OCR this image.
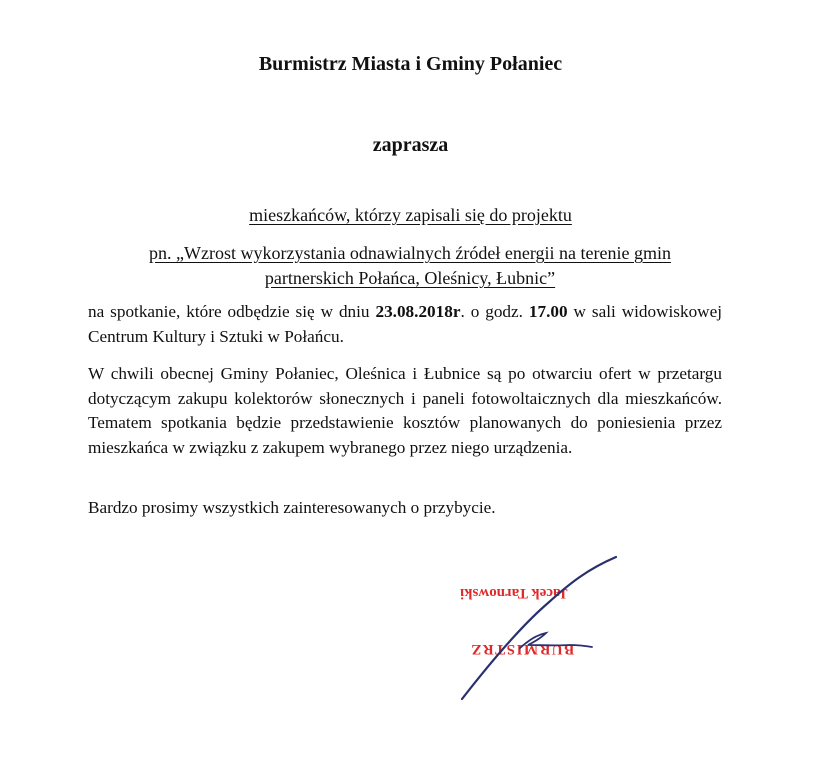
Burmistrz Miasta i Gminy Połaniec
zaprasza
mieszkańców, którzy zapisali się do projektu
pn. „Wzrost wykorzystania odnawialnych źródeł energii na terenie gmin
partnerskich Połańca, Oleśnicy, Łubnic”

na spotkanie, które odbędzie się w dniu 23.08.2018r. o godz. 17.00 w sali widowiskowej Centrum Kultury i Sztuki w Połańcu.

W chwili obecnej Gminy Połaniec, Oleśnica i Łubnice są po otwarciu ofert w przetargu dotyczącym zakupu kolektorów słonecznych i paneli fotowoltaicznych dla mieszkańców. Tematem spotkania będzie przedstawienie kosztów planowanych do poniesienia przez mieszkańca w związku z zakupem wybranego przez niego urządzenia.

Bardzo prosimy wszystkich zainteresowanych o przybycie.

BURMISTRZ
Jacek Tarnowski
